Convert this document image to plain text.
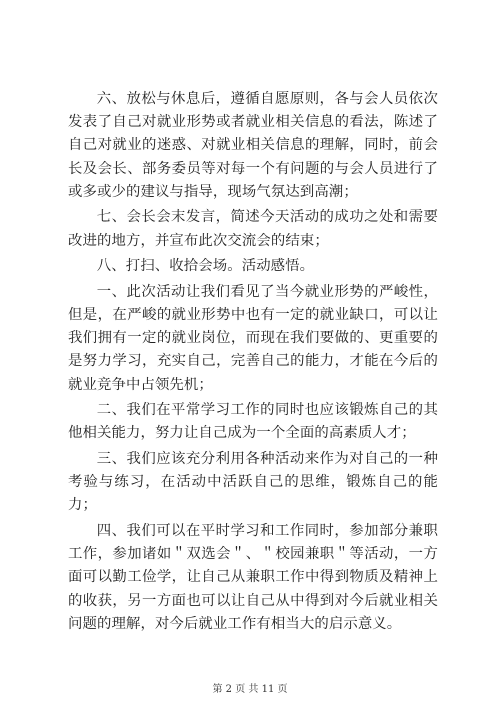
六、放松与休息后，遵循自愿原则，各与会人员依次发表了自己对就业形势或者就业相关信息的看法，陈述了自己对就业的迷惑、对就业相关信息的理解，同时，前会长及会长、部务委员等对每一个有问题的与会人员进行了或多或少的建议与指导，现场气氛达到高潮；

七、会长会末发言，简述今天活动的成功之处和需要改进的地方，并宣布此次交流会的结束；

八、打扫、收拾会场。活动感悟。

一、此次活动让我们看见了当今就业形势的严峻性，但是，在严峻的就业形势中也有一定的就业缺口，可以让我们拥有一定的就业岗位，而现在我们要做的、更重要的是努力学习，充实自己，完善自己的能力，才能在今后的就业竞争中占领先机；

二、我们在平常学习工作的同时也应该锻炼自己的其他相关能力，努力让自己成为一个全面的高素质人才；

三、我们应该充分利用各种活动来作为对自己的一种考验与练习，在活动中活跃自己的思维，锻炼自己的能力；

四、我们可以在平时学习和工作同时，参加部分兼职工作，参加诸如＂双选会＂、＂校园兼职＂等活动，一方面可以勤工俭学，让自己从兼职工作中得到物质及精神上的收获，另一方面也可以让自己从中得到对今后就业相关问题的理解，对今后就业工作有相当大的启示意义。

第 2 页 共 11 页
